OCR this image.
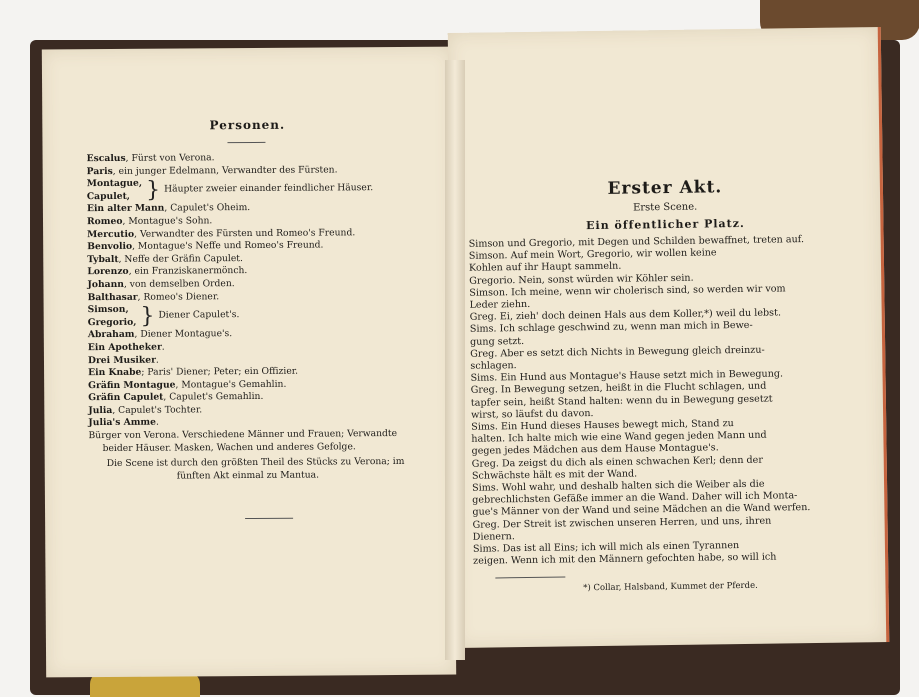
Personen.
Escalus, Fürst von Verona.
Paris, ein junger Edelmann, Verwandter des Fürsten.
Montague,
Capulet, } Häupter zweier einander feindlicher Häuser.
Ein alter Mann, Capulet's Oheim.
Romeo, Montague's Sohn.
Mercutio, Verwandter des Fürsten und Romeo's Freund.
Benvolio, Montague's Neffe und Romeo's Freund.
Tybalt, Neffe der Gräfin Capulet.
Lorenzo, ein Franziskanermönch.
Johann, von demselben Orden.
Balthasar, Romeo's Diener.
Simson,
Gregorio, } Diener Capulet's.
Abraham, Diener Montague's.
Ein Apotheker.
Drei Musiker.
Ein Knabe; Paris' Diener; Peter; ein Offizier.
Gräfin Montague, Montague's Gemahlin.
Gräfin Capulet, Capulet's Gemahlin.
Julia, Capulet's Tochter.
Julia's Amme.
Bürger von Verona. Verschiedene Männer und Frauen; Verwandte
beider Häuser. Masken, Wachen und anderes Gefolge.
Die Scene ist durch den größten Theil des Stücks zu Verona; im
fünften Akt einmal zu Mantua.
Erster Akt.
Erste Scene.
Ein öffentlicher Platz.
Simson und Gregorio, mit Degen und Schilden bewaffnet, treten auf.
Simson. Auf mein Wort, Gregorio, wir wollen keine
Kohlen auf ihr Haupt sammeln.
Gregorio. Nein, sonst würden wir Köhler sein.
Simson. Ich meine, wenn wir cholerisch sind, so werden wir vom
Leder ziehn.
Greg. Ei, zieh' doch deinen Hals aus dem Koller,*) weil du lebst.
Sims. Ich schlage geschwind zu, wenn man mich in Bewe-
gung setzt.
Greg. Aber es setzt dich Nichts in Bewegung gleich dreinzu-
schlagen.
Sims. Ein Hund aus Montague's Hause setzt mich in Bewegung.
Greg. In Bewegung setzen, heißt in die Flucht schlagen, und
tapfer sein, heißt Stand halten: wenn du in Bewegung gesetzt
wirst, so läufst du davon.
Sims. Ein Hund dieses Hauses bewegt mich, Stand zu
halten. Ich halte mich wie eine Wand gegen jeden Mann und
gegen jedes Mädchen aus dem Hause Montague's.
Greg. Da zeigst du dich als einen schwachen Kerl; denn der
Schwächste hält es mit der Wand.
Sims. Wohl wahr, und deshalb halten sich die Weiber als die
gebrechlichsten Gefäße immer an die Wand. Daher will ich Monta-
gue's Männer von der Wand und seine Mädchen an die Wand werfen.
Greg. Der Streit ist zwischen unseren Herren, und uns, ihren
Dienern.
Sims. Das ist all Eins; ich will mich als einen Tyrannen
zeigen. Wenn ich mit den Männern gefochten habe, so will ich
*) Collar, Halsband, Kummet der Pferde.
